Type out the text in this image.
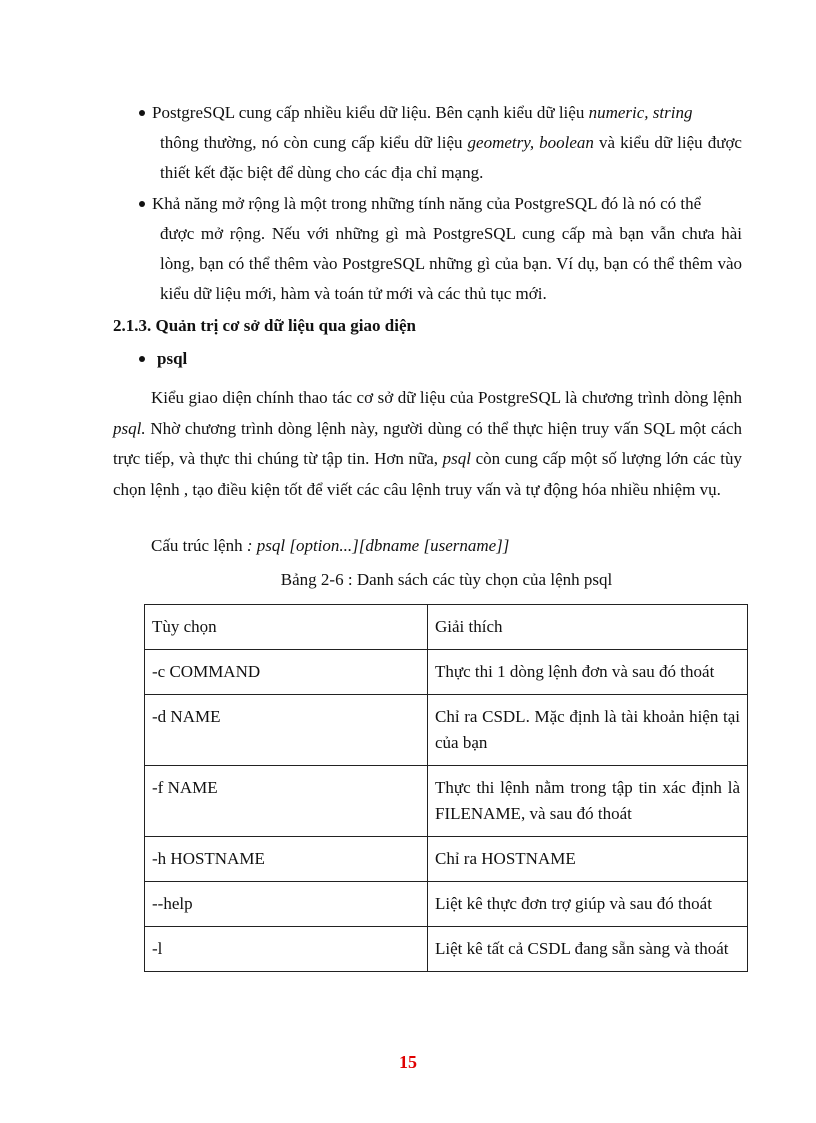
PostgreSQL cung cấp nhiều kiểu dữ liệu. Bên cạnh kiểu dữ liệu numeric, string
thông thường, nó còn cung cấp kiểu dữ liệu geometry, boolean và kiểu dữ liệu được thiết kết đặc biệt để dùng cho các địa chỉ mạng.
Khả năng mở rộng là một trong những tính năng của PostgreSQL đó là nó có thể
được mở rộng. Nếu với những gì mà PostgreSQL cung cấp mà bạn vẫn chưa hài lòng, bạn có thể thêm vào PostgreSQL những gì của bạn. Ví dụ, bạn có thể thêm vào kiểu dữ liệu mới, hàm và toán tử mới và các thủ tục mới.
2.1.3. Quản trị cơ sở dữ liệu qua giao diện
psql

Kiểu giao diện chính thao tác cơ sở dữ liệu của PostgreSQL là chương trình dòng lệnh psql. Nhờ chương trình dòng lệnh này, người dùng có thể thực hiện truy vấn SQL một cách trực tiếp, và thực thi chúng từ tập tin. Hơn nữa, psql còn cung cấp một số lượng lớn các tùy chọn lệnh , tạo điều kiện tốt để viết các câu lệnh truy vấn và tự động hóa nhiều nhiệm vụ.

Cấu trúc lệnh : psql [option...][dbname [username]]
Bảng 2-6 : Danh sách các tùy chọn của lệnh psql
Tùy chọn	Giải thích
-c COMMAND	Thực thi 1 dòng lệnh đơn và sau đó thoát
-d NAME	Chỉ ra CSDL. Mặc định là tài khoản hiện tại của bạn
-f NAME	Thực thi lệnh nằm trong tập tin xác định là FILENAME, và sau đó thoát
-h HOSTNAME	Chỉ ra HOSTNAME
--help	Liệt kê thực đơn trợ giúp và sau đó thoát
-l	Liệt kê tất cả CSDL đang sẵn sàng và thoát
15
